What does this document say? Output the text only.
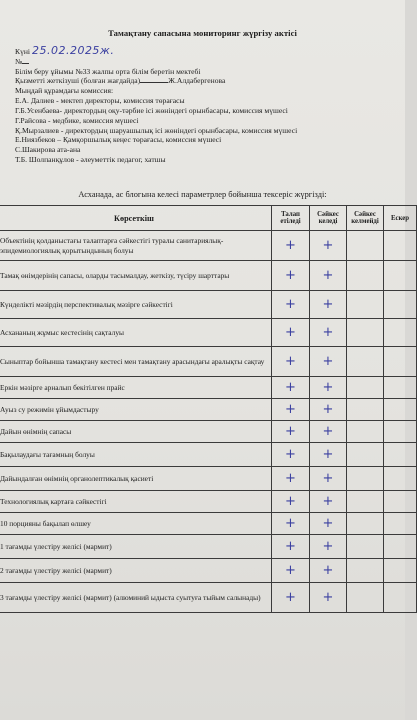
Тамақтану сапасына мониторинг жүргізу актісі
Күні 25.02.2025ж.
№
Білім беру ұйымы №33 жалпы орта білім беретін мектебі
Қызметті жеткізуші (болған жағдайда)	Ж.Алдабергенова
Мыңдай құрамдағы комиссия:
Е.А. Далиев - мектеп директоры, комиссия төрағасы
Г.Б.Усенбаева- директордың оқу-тәрбие ісі жөніндегі орынбасары, комиссия мүшесі
Г.Райсова - медбике, комиссия мүшесі
Қ.Мырзалиев - директордың шаруашылық ісі жөніндегі орынбасары, комиссия мүшесі
Е.Ниязбеков – Қамқоршылық кеңес төрағасы, комиссия мүшесі
С.Шакирова ата-ана
Т.Б. Шолпанқұлов - әлеуметтік педагог, хатшы
Асханада, ас блогына келесі параметрлер бойынша тексеріс жүргізді:
Көрсеткіш	Талап етіледі	Сәйкес келеді	Сәйкес келмейді	Ескер
Объектінің қолданыстағы талаптарға сәйкестігі туралы санитариялық-эпидемиологиялық қорытындының болуы	+	+		
Тамақ өнімдерінің сапасы, оларды тасымалдау, жеткізу, түсіру шарттары	+	+		
Күнделікті мәзірдің перспективалық мәзірге сәйкестігі	+	+		
Асхананың жұмыс кестесінің сақталуы	+	+		
Сыныптар бойынша тамақтану кестесі мен тамақтану арасындағы аралықты сақтау	+	+		
Еркін мәзірге арналып бекітілген прайс	+	+		
Ауыз су режимін ұйымдастыру	+	+		
Дайын өнімнің сапасы	+	+		
Бақылаудағы тағамның болуы	+	+		
Дайындалған өнімнің органолептикалық қасиеті	+	+		
Технологиялық картаға сәйкестігі	+	+		
10 порцияны бақылап өлшеу	+	+		
1 тағамды үлестіру желісі (мармит)	+	+		
2 тағамды үлестіру желісі (мармит)	+	+		
3 тағамды үлестіру желісі (мармит) (алюминий ыдыста суытуға тыйым салынады)	+	+		
